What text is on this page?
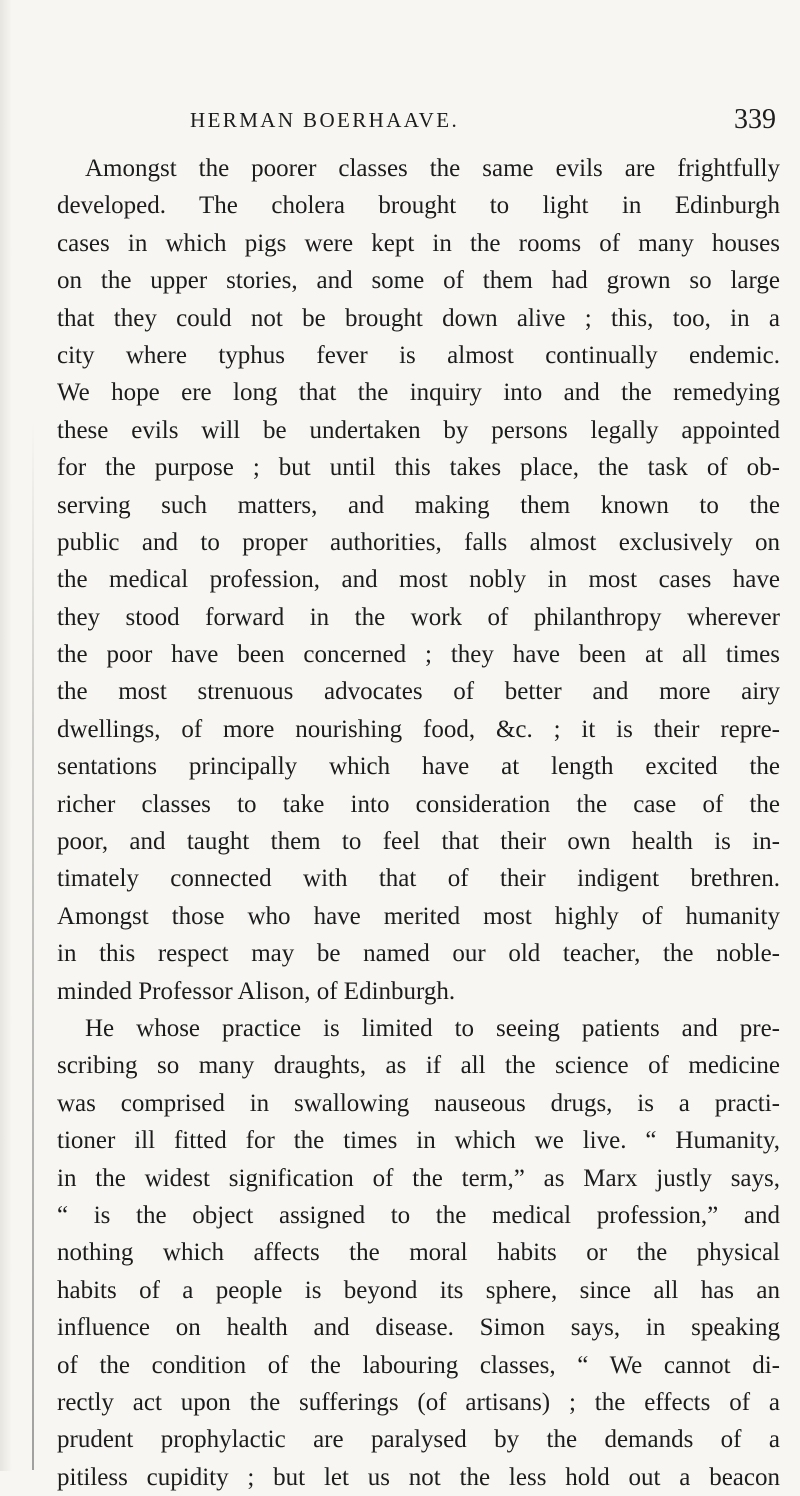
HERMAN BOERHAAVE.	339
Amongst the poorer classes the same evils are frightfully
developed. The cholera brought to light in Edinburgh
cases in which pigs were kept in the rooms of many houses
on the upper stories, and some of them had grown so large
that they could not be brought down alive ; this, too, in a
city where typhus fever is almost continually endemic.
We hope ere long that the inquiry into and the remedying
these evils will be undertaken by persons legally appointed
for the purpose ; but until this takes place, the task of ob-
serving such matters, and making them known to the
public and to proper authorities, falls almost exclusively on
the medical profession, and most nobly in most cases have
they stood forward in the work of philanthropy wherever
the poor have been concerned ; they have been at all times
the most strenuous advocates of better and more airy
dwellings, of more nourishing food, &c. ; it is their repre-
sentations principally which have at length excited the
richer classes to take into consideration the case of the
poor, and taught them to feel that their own health is in-
timately connected with that of their indigent brethren.
Amongst those who have merited most highly of humanity
in this respect may be named our old teacher, the noble-
minded Professor Alison, of Edinburgh.
He whose practice is limited to seeing patients and pre-
scribing so many draughts, as if all the science of medicine
was comprised in swallowing nauseous drugs, is a practi-
tioner ill fitted for the times in which we live. “ Humanity,
in the widest signification of the term,” as Marx justly says,
“ is the object assigned to the medical profession,” and
nothing which affects the moral habits or the physical
habits of a people is beyond its sphere, since all has an
influence on health and disease. Simon says, in speaking
of the condition of the labouring classes, “ We cannot di-
rectly act upon the sufferings (of artisans) ; the effects of a
prudent prophylactic are paralysed by the demands of a
pitiless cupidity ; but let us not the less hold out a beacon
